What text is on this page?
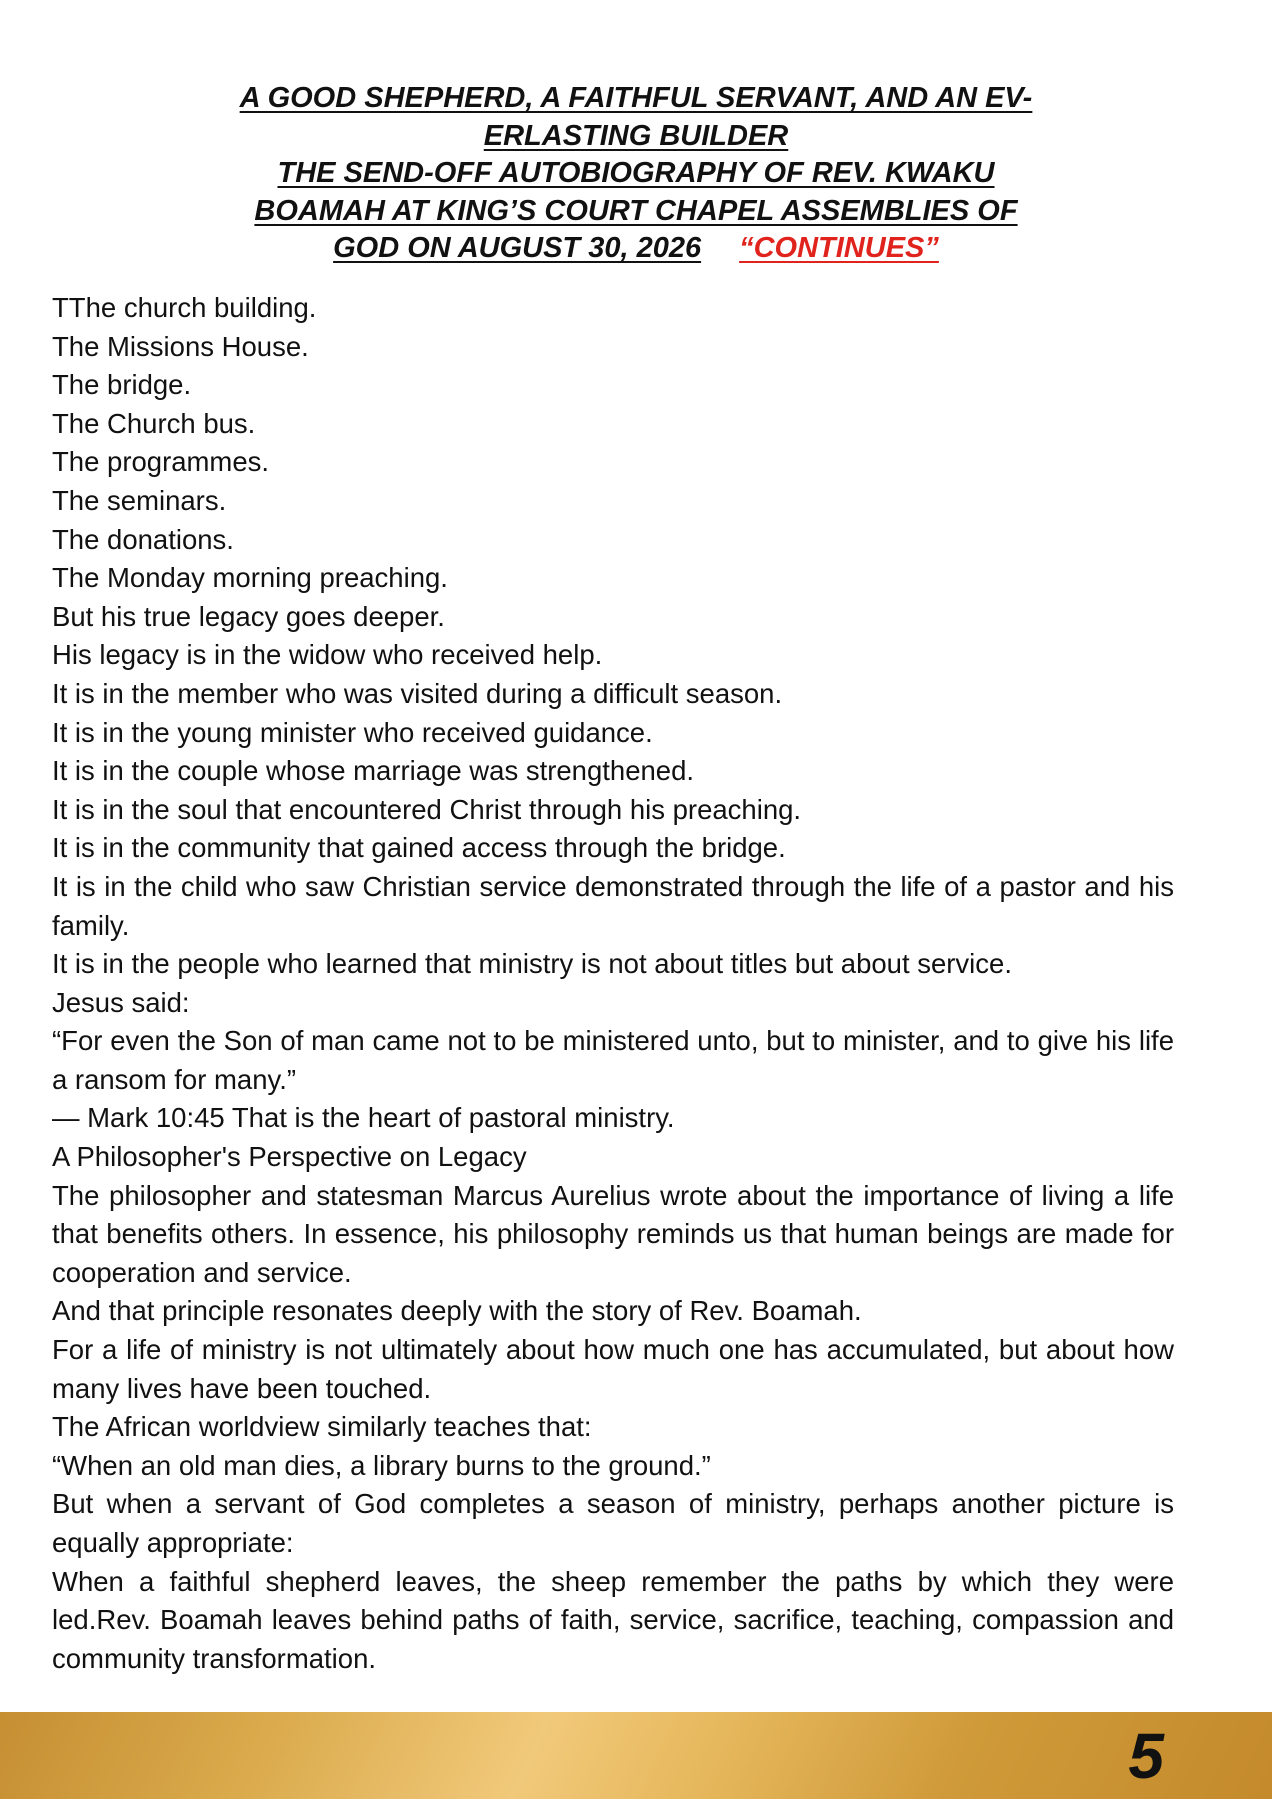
A GOOD SHEPHERD, A FAITHFUL SERVANT, AND AN EV-
ERLASTING BUILDER
THE SEND-OFF AUTOBIOGRAPHY OF REV. KWAKU
BOAMAH AT KING’S COURT CHAPEL ASSEMBLIES OF
GOD ON AUGUST 30, 2026 “CONTINUES”

TThe church building.

The Missions House.

The bridge.

The Church bus.

The programmes.

The seminars.

The donations.

The Monday morning preaching.

But his true legacy goes deeper.

His legacy is in the widow who received help.

It is in the member who was visited during a difficult season.

It is in the young minister who received guidance.

It is in the couple whose marriage was strengthened.

It is in the soul that encountered Christ through his preaching.

It is in the community that gained access through the bridge.

It is in the child who saw Christian service demonstrated through the life of a pastor and his family.

It is in the people who learned that ministry is not about titles but about service.

Jesus said:

“For even the Son of man came not to be ministered unto, but to minister, and to give his life a ransom for many.”

— Mark 10:45 That is the heart of pastoral ministry.

A Philosopher's Perspective on Legacy

The philosopher and statesman Marcus Aurelius wrote about the importance of living a life that benefits others. In essence, his philosophy reminds us that human beings are made for cooperation and service.

And that principle resonates deeply with the story of Rev. Boamah.

For a life of ministry is not ultimately about how much one has accumulated, but about how many lives have been touched.

The African worldview similarly teaches that:

“When an old man dies, a library burns to the ground.”

But when a servant of God completes a season of ministry, perhaps another picture is equally appropriate:

When a faithful shepherd leaves, the sheep remember the paths by which they were led.Rev. Boamah leaves behind paths of faith, service, sacrifice, teaching, compassion and community transformation.

5
